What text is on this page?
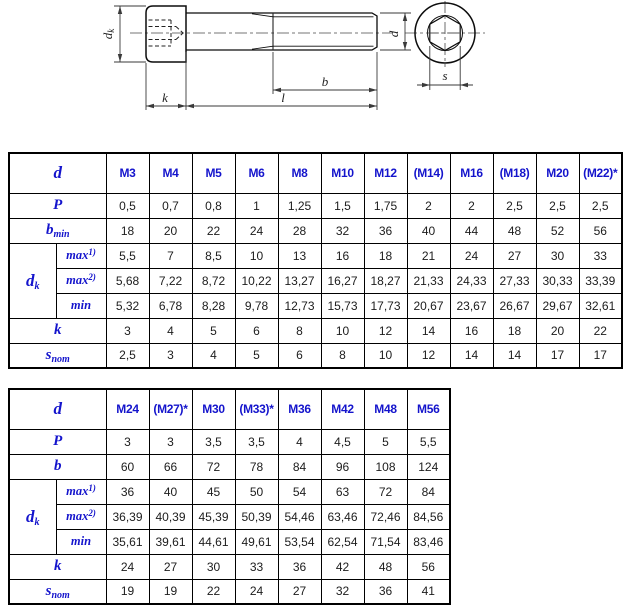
dk
k	l
b
d
s
d		M3	M4	M5	M6	M8	M10	M12	(M14)	M16	(M18)	M20	(M22)*
P		0,5	0,7	0,8	1	1,25	1,5	1,75	2	2	2,5	2,5	2,5
$b_{min}$		18	20	22	24	28	32	36	40	44	48	52	56
dk	$\max^{1)}$	5,5	7	8,5	10	13	16	18	21	24	27	30	33
	$\max^{2)}$	5,68	7,22	8,72	10,22	13,27	16,27	18,27	21,33	24,33	27,33	30,33	33,39
	min	5,32	6,78	8,28	9,78	12,73	15,73	17,73	20,67	23,67	26,67	29,67	32,61
k		3	4	5	6	8	10	12	14	16	18	20	22
$s_{nom}$		2,5	3	4	5	6	8	10	12	14	14	17	17
d		M24	(M27)*	M30	(M33)*	M36	M42	M48	M56
P		3	3	3,5	3,5	4	4,5	5	5,5
b		60	66	72	78	84	96	108	124
dk	$\max^{1)}$	36	40	45	50	54	63	72	84
	$\max^{2)}$	36,39	40,39	45,39	50,39	54,46	63,46	72,46	84,56
	min	35,61	39,61	44,61	49,61	53,54	62,54	71,54	83,46
k		24	27	30	33	36	42	48	56
$s_{nom}$		19	19	22	24	27	32	36	41
